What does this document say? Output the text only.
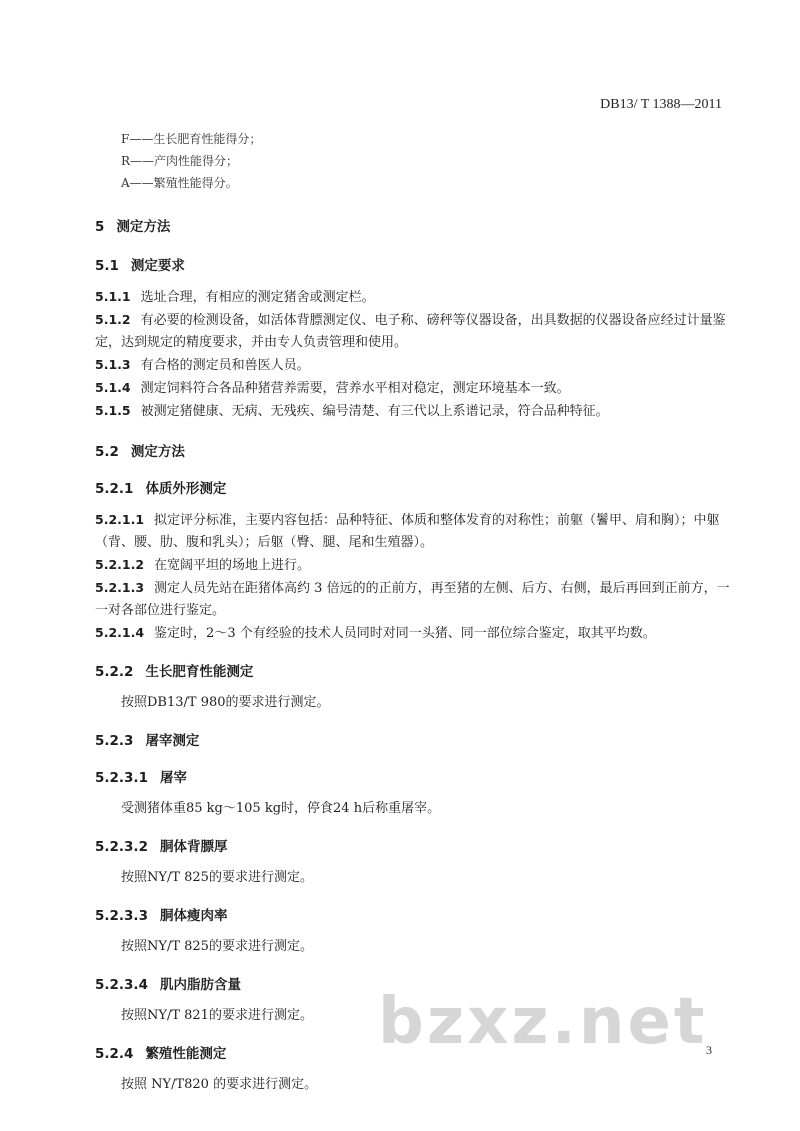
DB13/ T 1388—2011
F——生长肥育性能得分；
R——产肉性能得分；
A——繁殖性能得分。
5 测定方法
5.1 测定要求
5.1.1 选址合理，有相应的测定猪舍或测定栏。
5.1.2 有必要的检测设备，如活体背膘测定仪、电子称、磅秤等仪器设备，出具数据的仪器设备应经过计量鉴定，达到规定的精度要求，并由专人负责管理和使用。
5.1.3 有合格的测定员和兽医人员。
5.1.4 测定饲料符合各品种猪营养需要，营养水平相对稳定，测定环境基本一致。
5.1.5 被测定猪健康、无病、无残疾、编号清楚、有三代以上系谱记录，符合品种特征。
5.2 测定方法
5.2.1 体质外形测定
5.2.1.1 拟定评分标准，主要内容包括：品种特征、体质和整体发育的对称性；前躯（鬐甲、肩和胸）；中躯（背、腰、肋、腹和乳头）；后躯（臀、腿、尾和生殖器）。
5.2.1.2 在宽阔平坦的场地上进行。
5.2.1.3 测定人员先站在距猪体高约 3 倍远的的正前方，再至猪的左侧、后方、右侧，最后再回到正前方，一一对各部位进行鉴定。
5.2.1.4 鉴定时，2～3 个有经验的技术人员同时对同一头猪、同一部位综合鉴定，取其平均数。
5.2.2 生长肥育性能测定
按照DB13/T 980的要求进行测定。
5.2.3 屠宰测定
5.2.3.1 屠宰
受测猪体重85 kg～105 kg时，停食24 h后称重屠宰。
5.2.3.2 胴体背膘厚
按照NY/T 825的要求进行测定。
5.2.3.3 胴体瘦肉率
按照NY/T 825的要求进行测定。
5.2.3.4 肌内脂肪含量
按照NY/T 821的要求进行测定。
5.2.4 繁殖性能测定
按照 NY/T820 的要求进行测定。
bzxz.net
3
